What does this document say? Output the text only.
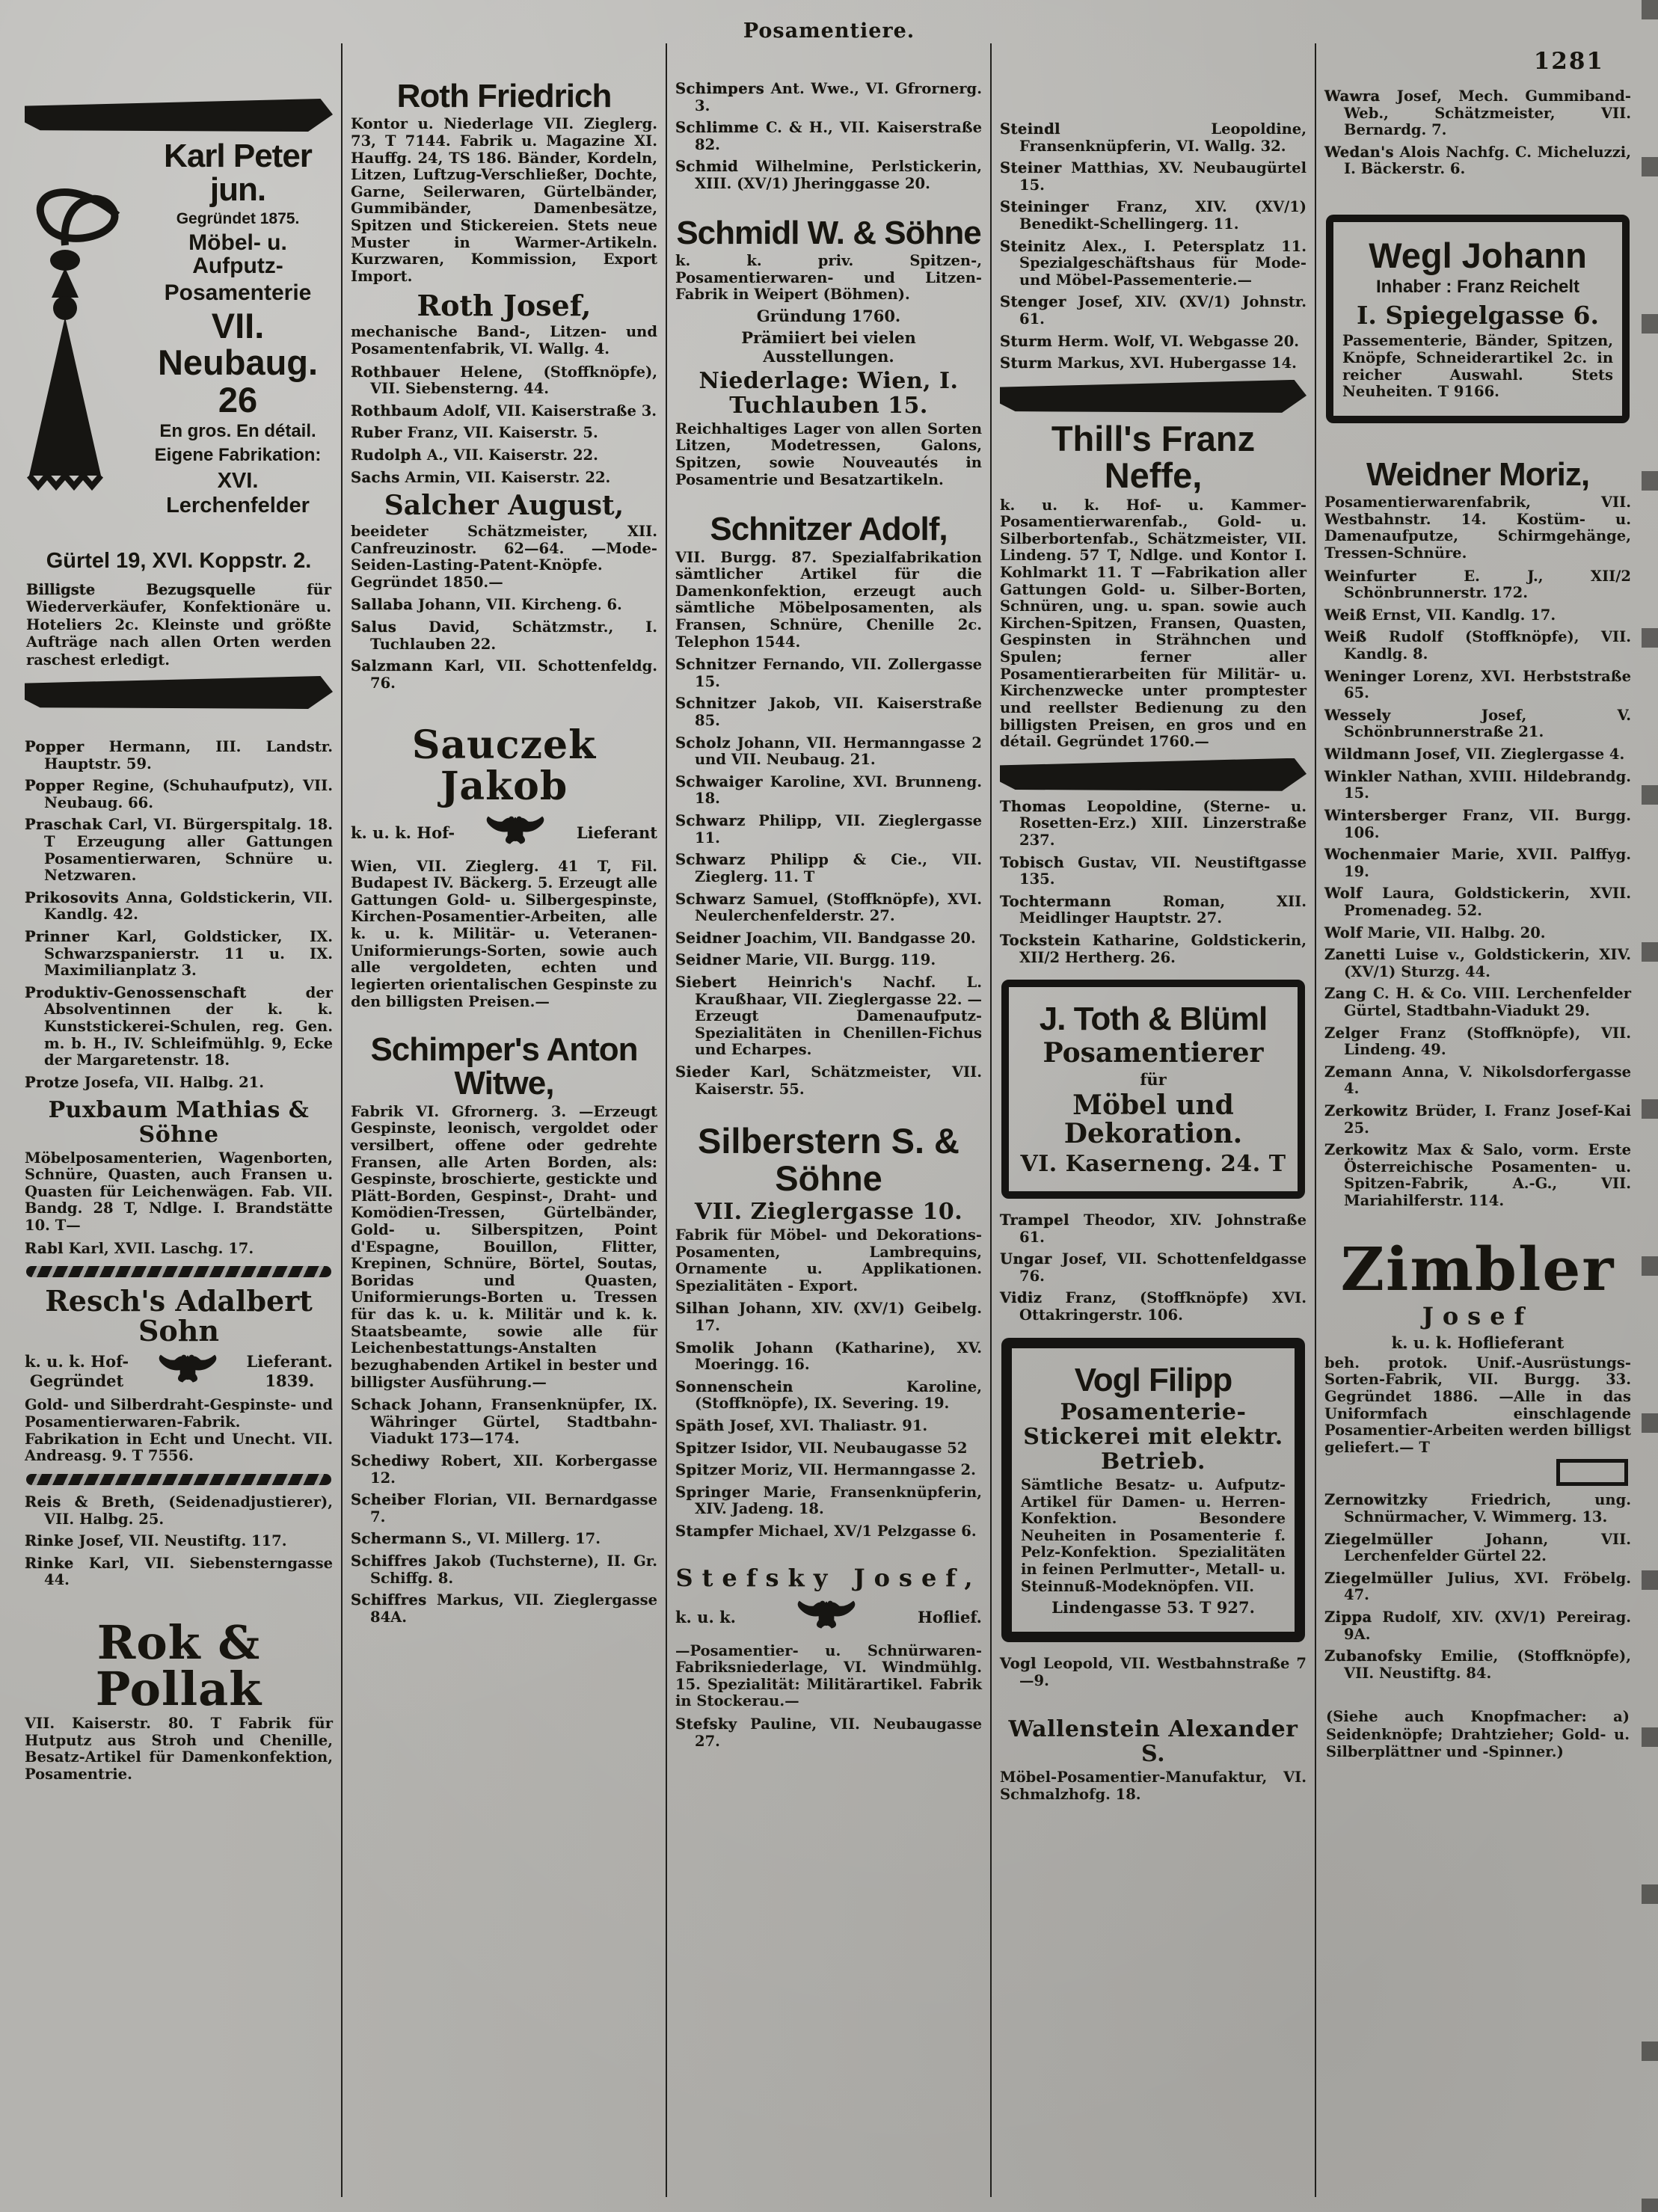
Posamentiere.
1281
Karl Peter jun.
Gegründet 1875.
Möbel- u. Aufputz-
Posamenterie
VII. Neubaug. 26
En gros. En détail.
Eigene Fabrikation:
XVI. Lerchenfelder
Gürtel 19, XVI. Koppstr. 2.

Billigste Bezugsquelle für Wiederverkäufer, Konfektionäre u. Hoteliers 2c. Kleinste und größte Aufträge nach allen Orten werden raschest erledigt.

Popper Hermann, III. Landstr. Hauptstr. 59.

Popper Regine, (Schuhaufputz), VII. Neubaug. 66.

Praschak Carl, VI. Bürgerspitalg. 18. T Erzeugung aller Gattungen Posamentierwaren, Schnüre u. Netzwaren.

Prikosovits Anna, Goldstickerin, VII. Kandlg. 42.

Prinner Karl, Goldsticker, IX. Schwarzspanierstr. 11 u. IX. Maximilianplatz 3.

Produktiv-Genossenschaft der Absolventinnen der k. k. Kunststickerei-Schulen, reg. Gen. m. b. H., IV. Schleifmühlg. 9, Ecke der Margaretenstr. 18.

Protze Josefa, VII. Halbg. 21.

Puxbaum Mathias & Söhne
Möbelposamenterien, Wagenborten, Schnüre, Quasten, auch Fransen u. Quasten für Leichenwägen. Fab. VII. Bandg. 28 T, Ndlge. I. Brandstätte 10. T—

Rabl Karl, XVII. Laschg. 17.

Resch's Adalbert Sohn
k. u. k. Hof-
Gegründet
Lieferant.
1839.
Gold- und Silberdraht-Gespinste- und Posamentierwaren-Fabrik. Fabrikation in Echt und Unecht. VII. Andreasg. 9. T 7556.

Reis & Breth, (Seidenadjustierer), VII. Halbg. 25.

Rinke Josef, VII. Neustiftg. 117.

Rinke Karl, VII. Siebensterngasse 44.

Rok & Pollak
VII. Kaiserstr. 80. T Fabrik für Hutputz aus Stroh und Chenille, Besatz-Artikel für Damenkonfektion, Posamentrie.
Roth Friedrich
Kontor u. Niederlage VII. Zieglerg. 73, T 7144. Fabrik u. Magazine XI. Hauffg. 24, TS 186. Bänder, Kordeln, Litzen, Luftzug-Verschließer, Dochte, Garne, Seilerwaren, Gürtelbänder, Gummibänder, Damenbesätze, Spitzen und Stickereien. Stets neue Muster in Warmer-Artikeln. Kurzwaren, Kommission, Export Import.
Roth Josef,
mechanische Band-, Litzen- und Posamentenfabrik, VI. Wallg. 4.

Rothbauer Helene, (Stoffknöpfe), VII. Siebensterng. 44.

Rothbaum Adolf, VII. Kaiserstraße 3.

Ruber Franz, VII. Kaiserstr. 5.

Rudolph A., VII. Kaiserstr. 22.

Sachs Armin, VII. Kaiserstr. 22.

Salcher August,
beeideter Schätzmeister, XII. Canfreuzinostr. 62—64. —Mode-Seiden-Lasting-Patent-Knöpfe. Gegründet 1850.—

Sallaba Johann, VII. Kircheng. 6.

Salus David, Schätzmstr., I. Tuchlauben 22.

Salzmann Karl, VII. Schottenfeldg. 76.

Sauczek Jakob
k. u. k. Hof-	Lieferant
Wien, VII. Zieglerg. 41 T, Fil. Budapest IV. Bäckerg. 5. Erzeugt alle Gattungen Gold- u. Silbergespinste, Kirchen-Posamentier-Arbeiten, alle k. u. k. Militär- u. Veteranen-Uniformierungs-Sorten, sowie auch alle vergoldeten, echten und legierten orientalischen Gespinste zu den billigsten Preisen.—
Schimper's Anton Witwe,
Fabrik VI. Gfrornerg. 3. —Erzeugt Gespinste, leonisch, vergoldet oder versilbert, offene oder gedrehte Fransen, alle Arten Borden, als: Gespinste, broschierte, gestickte und Plätt-Borden, Gespinst-, Draht- und Komödien-Tressen, Gürtelbänder, Gold- u. Silberspitzen, Point d'Espagne, Bouillon, Flitter, Krepinen, Schnüre, Börtel, Soutas, Boridas und Quasten, Uniformierungs-Borten u. Tressen für das k. u. k. Militär und k. k. Staatsbeamte, sowie alle für Leichenbestattungs-Anstalten bezughabenden Artikel in bester und billigster Ausführung.—

Schack Johann, Fransenknüpfer, IX. Währinger Gürtel, Stadtbahn-Viadukt 173—174.

Schediwy Robert, XII. Korbergasse 12.

Scheiber Florian, VII. Bernardgasse 7.

Schermann S., VI. Millerg. 17.

Schiffres Jakob (Tuchsterne), II. Gr. Schiffg. 8.

Schiffres Markus, VII. Zieglergasse 84A.

Schimpers Ant. Wwe., VI. Gfrornerg. 3.

Schlimme C. & H., VII. Kaiserstraße 82.

Schmid Wilhelmine, Perlstickerin, XIII. (XV/1) Jheringgasse 20.

Schmidl W. & Söhne
k. k. priv. Spitzen-, Posamentierwaren- und Litzen-Fabrik in Weipert (Böhmen).
Gründung 1760.
Prämiiert bei vielen Ausstellungen.
Niederlage: Wien, I. Tuchlauben 15.
Reichhaltiges Lager von allen Sorten Litzen, Modetressen, Galons, Spitzen, sowie Nouveautés in Posamentrie und Besatzartikeln.
Schnitzer Adolf,
VII. Burgg. 87. Spezialfabrikation sämtlicher Artikel für die Damenkonfektion, erzeugt auch sämtliche Möbelposamenten, als Fransen, Schnüre, Chenille 2c. Telephon 1544.

Schnitzer Fernando, VII. Zollergasse 15.

Schnitzer Jakob, VII. Kaiserstraße 85.

Scholz Johann, VII. Hermanngasse 2 und VII. Neubaug. 21.

Schwaiger Karoline, XVI. Brunneng. 18.

Schwarz Philipp, VII. Zieglergasse 11.

Schwarz Philipp & Cie., VII. Zieglerg. 11. T

Schwarz Samuel, (Stoffknöpfe), XVI. Neulerchenfelderstr. 27.

Seidner Joachim, VII. Bandgasse 20.

Seidner Marie, VII. Burgg. 119.

Siebert Heinrich's Nachf. L. Kraußhaar, VII. Zieglergasse 22. —Erzeugt Damenaufputz-Spezialitäten in Chenillen-Fichus und Echarpes.

Sieder Karl, Schätzmeister, VII. Kaiserstr. 55.

Silberstern S. & Söhne
VII. Zieglergasse 10.
Fabrik für Möbel- und Dekorations-Posamenten, Lambrequins, Ornamente u. Applikationen. Spezialitäten - Export.

Silhan Johann, XIV. (XV/1) Geibelg. 17.

Smolik Johann (Katharine), XV. Moeringg. 16.

Sonnenschein Karoline, (Stoffknöpfe), IX. Severing. 19.

Späth Josef, XVI. Thaliastr. 91.

Spitzer Isidor, VII. Neubaugasse 52

Spitzer Moriz, VII. Hermanngasse 2.

Springer Marie, Fransenknüpferin, XIV. Jadeng. 18.

Stampfer Michael, XV/1 Pelzgasse 6.

Stefsky Josef,
k. u. k.	Hoflief.
—Posamentier- u. Schnürwaren-Fabriksniederlage, VI. Windmühlg. 15. Spezialität: Militärartikel. Fabrik in Stockerau.—

Stefsky Pauline, VII. Neubaugasse 27.

Steindl Leopoldine, Fransenknüpferin, VI. Wallg. 32.

Steiner Matthias, XV. Neubaugürtel 15.

Steininger Franz, XIV. (XV/1) Benedikt-Schellingerg. 11.

Steinitz Alex., I. Petersplatz 11. Spezialgeschäftshaus für Mode- und Möbel-Passementerie.—

Stenger Josef, XIV. (XV/1) Johnstr. 61.

Sturm Herm. Wolf, VI. Webgasse 20.

Sturm Markus, XVI. Hubergasse 14.

Thill's Franz Neffe,
k. u. k. Hof- u. Kammer-Posamentierwarenfab., Gold- u. Silberbortenfab., Schätzmeister, VII. Lindeng. 57 T, Ndlge. und Kontor I. Kohlmarkt 11. T —Fabrikation aller Gattungen Gold- u. Silber-Borten, Schnüren, ung. u. span. sowie auch Kirchen-Spitzen, Fransen, Quasten, Gespinsten in Strähnchen und Spulen; ferner aller Posamentierarbeiten für Militär- u. Kirchenzwecke unter promptester und reellster Bedienung zu den billigsten Preisen, en gros und en détail. Gegründet 1760.—

Thomas Leopoldine, (Sterne- u. Rosetten-Erz.) XIII. Linzerstraße 237.

Tobisch Gustav, VII. Neustiftgasse 135.

Tochtermann Roman, XII. Meidlinger Hauptstr. 27.

Tockstein Katharine, Goldstickerin, XII/2 Hertherg. 26.

J. Toth & Blüml
Posamentierer
für
Möbel und Dekoration.
VI. Kaserneng. 24. T

Trampel Theodor, XIV. Johnstraße 61.

Ungar Josef, VII. Schottenfeldgasse 76.

Vidiz Franz, (Stoffknöpfe) XVI. Ottakringerstr. 106.

Vogl Filipp
Posamenterie-Stickerei mit elektr. Betrieb.
Sämtliche Besatz- u. Aufputz-Artikel für Damen- u. Herren-Konfektion. Besondere Neuheiten in Posamenterie f. Pelz-Konfektion. Spezialitäten in feinen Perlmutter-, Metall- u. Steinnuß-Modeknöpfen. VII.
Lindengasse 53. T 927.

Vogl Leopold, VII. Westbahnstraße 7—9.

Wallenstein Alexander S.
Möbel-Posamentier-Manufaktur, VI. Schmalzhofg. 18.

Wawra Josef, Mech. Gummiband-Web., Schätzmeister, VII. Bernardg. 7.

Wedan's Alois Nachfg. C. Micheluzzi, I. Bäckerstr. 6.

Wegl Johann
Inhaber : Franz Reichelt
I. Spiegelgasse 6.
Passementerie, Bänder, Spitzen, Knöpfe, Schneiderartikel 2c. in reicher Auswahl. Stets Neuheiten. T 9166.
Weidner Moriz,
Posamentierwarenfabrik, VII. Westbahnstr. 14. Kostüm- u. Damenaufputze, Schirmgehänge, Tressen-Schnüre.

Weinfurter E. J., XII/2 Schönbrunnerstr. 172.

Weiß Ernst, VII. Kandlg. 17.

Weiß Rudolf (Stoffknöpfe), VII. Kandlg. 8.

Weninger Lorenz, XVI. Herbststraße 65.

Wessely Josef, V. Schönbrunnerstraße 21.

Wildmann Josef, VII. Zieglergasse 4.

Winkler Nathan, XVIII. Hildebrandg. 15.

Wintersberger Franz, VII. Burgg. 106.

Wochenmaier Marie, XVII. Palffyg. 19.

Wolf Laura, Goldstickerin, XVII. Promenadeg. 52.

Wolf Marie, VII. Halbg. 20.

Zanetti Luise v., Goldstickerin, XIV. (XV/1) Sturzg. 44.

Zang C. H. & Co. VIII. Lerchenfelder Gürtel, Stadtbahn-Viadukt 29.

Zelger Franz (Stoffknöpfe), VII. Lindeng. 49.

Zemann Anna, V. Nikolsdorfergasse 4.

Zerkowitz Brüder, I. Franz Josef-Kai 25.

Zerkowitz Max & Salo, vorm. Erste Österreichische Posamenten- u. Spitzen-Fabrik, A.-G., VII. Mariahilferstr. 114.

Zimbler
Josef
k. u. k. Hoflieferant
beh. protok. Unif.-Ausrüstungs-Sorten-Fabrik, VII. Burgg. 33. Gegründet 1886. —Alle in das Uniformfach einschlagende Posamentier-Arbeiten werden billigst geliefert.— T

Zernowitzky Friedrich, ung. Schnürmacher, V. Wimmerg. 13.

Ziegelmüller Johann, VII. Lerchenfelder Gürtel 22.

Ziegelmüller Julius, XVI. Fröbelg. 47.

Zippa Rudolf, XIV. (XV/1) Pereirag. 9A.

Zubanofsky Emilie, (Stoffknöpfe), VII. Neustiftg. 84.

(Siehe auch Knopfmacher: a) Seidenknöpfe; Drahtzieher; Gold- u. Silberplättner und -Spinner.)
